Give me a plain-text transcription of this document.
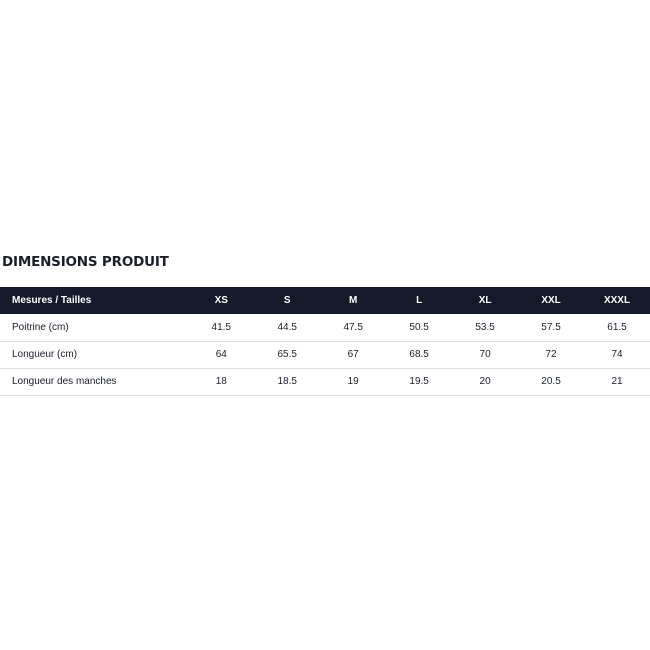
DIMENSIONS PRODUIT
Mesures / Tailles	XS	S	M	L	XL	XXL	XXXL
Poitrine (cm)	41.5	44.5	47.5	50.5	53.5	57.5	61.5
Longueur (cm)	64	65.5	67	68.5	70	72	74
Longueur des manches	18	18.5	19	19.5	20	20.5	21
